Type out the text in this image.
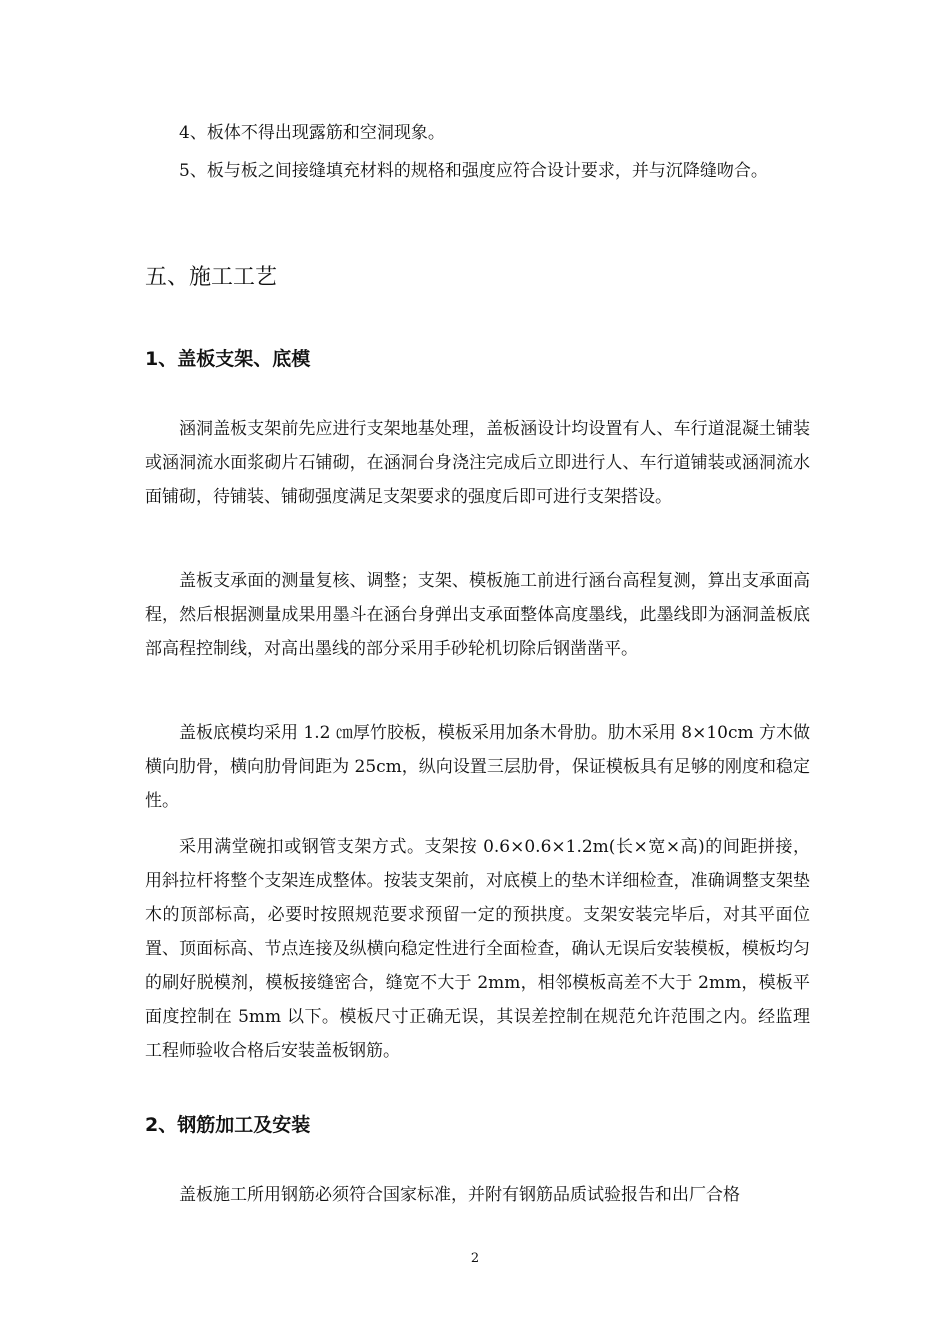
4、板体不得出现露筋和空洞现象。

5、板与板之间接缝填充材料的规格和强度应符合设计要求，并与沉降缝吻合。

五、施工工艺
1、盖板支架、底模

涵洞盖板支架前先应进行支架地基处理，盖板涵设计均设置有人、车行道混凝土铺装或涵洞流水面浆砌片石铺砌，在涵洞台身浇注完成后立即进行人、车行道铺装或涵洞流水面铺砌，待铺装、铺砌强度满足支架要求的强度后即可进行支架搭设。

盖板支承面的测量复核、调整；支架、模板施工前进行涵台高程复测，算出支承面高程，然后根据测量成果用墨斗在涵台身弹出支承面整体高度墨线，此墨线即为涵洞盖板底部高程控制线，对高出墨线的部分采用手砂轮机切除后钢凿凿平。

盖板底模均采用 1.2 ㎝厚竹胶板，模板采用加条木骨肋。肋木采用 8×10cm 方木做横向肋骨，横向肋骨间距为 25cm，纵向设置三层肋骨，保证模板具有足够的刚度和稳定性。

采用满堂碗扣或钢管支架方式。支架按 0.6×0.6×1.2m(长×宽×高)的间距拼接，用斜拉杆将整个支架连成整体。按装支架前，对底模上的垫木详细检查，准确调整支架垫木的顶部标高，必要时按照规范要求预留一定的预拱度。支架安装完毕后，对其平面位置、顶面标高、节点连接及纵横向稳定性进行全面检查，确认无误后安装模板，模板均匀的刷好脱模剂，模板接缝密合，缝宽不大于 2mm，相邻模板高差不大于 2mm，模板平面度控制在 5mm 以下。模板尺寸正确无误，其误差控制在规范允许范围之内。经监理工程师验收合格后安装盖板钢筋。

2、钢筋加工及安装

盖板施工所用钢筋必须符合国家标准，并附有钢筋品质试验报告和出厂合格

2
